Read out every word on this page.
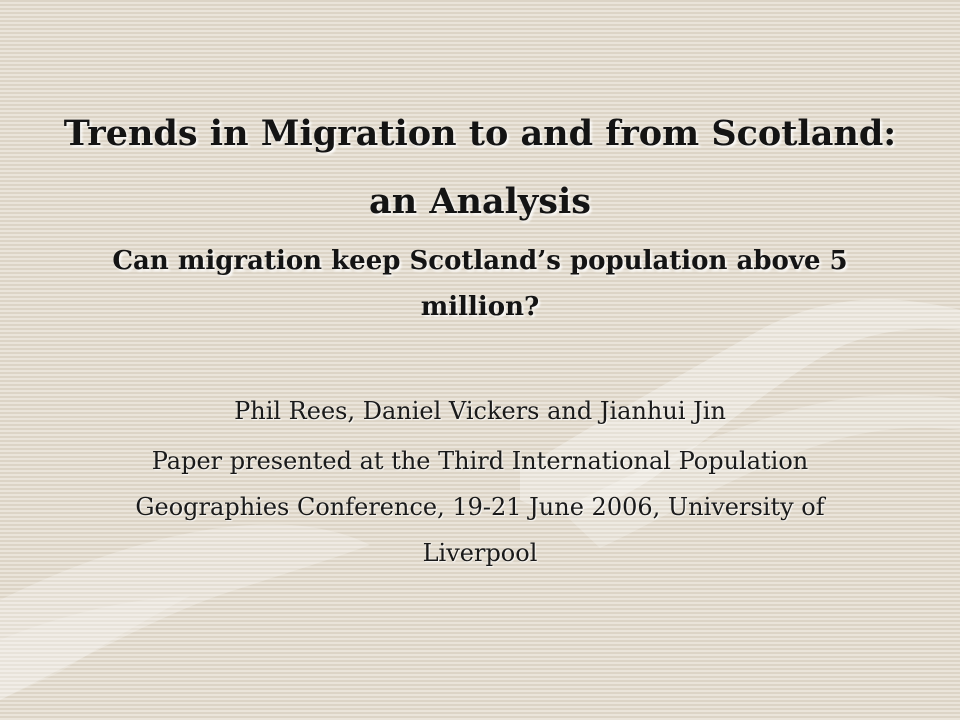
Trends in Migration to and from Scotland: an Analysis
Can migration keep Scotland’s population above 5 million?

Phil Rees, Daniel Vickers and Jianhui Jin

Paper presented at the Third International Population Geographies Conference, 19-21 June 2006, University of Liverpool
